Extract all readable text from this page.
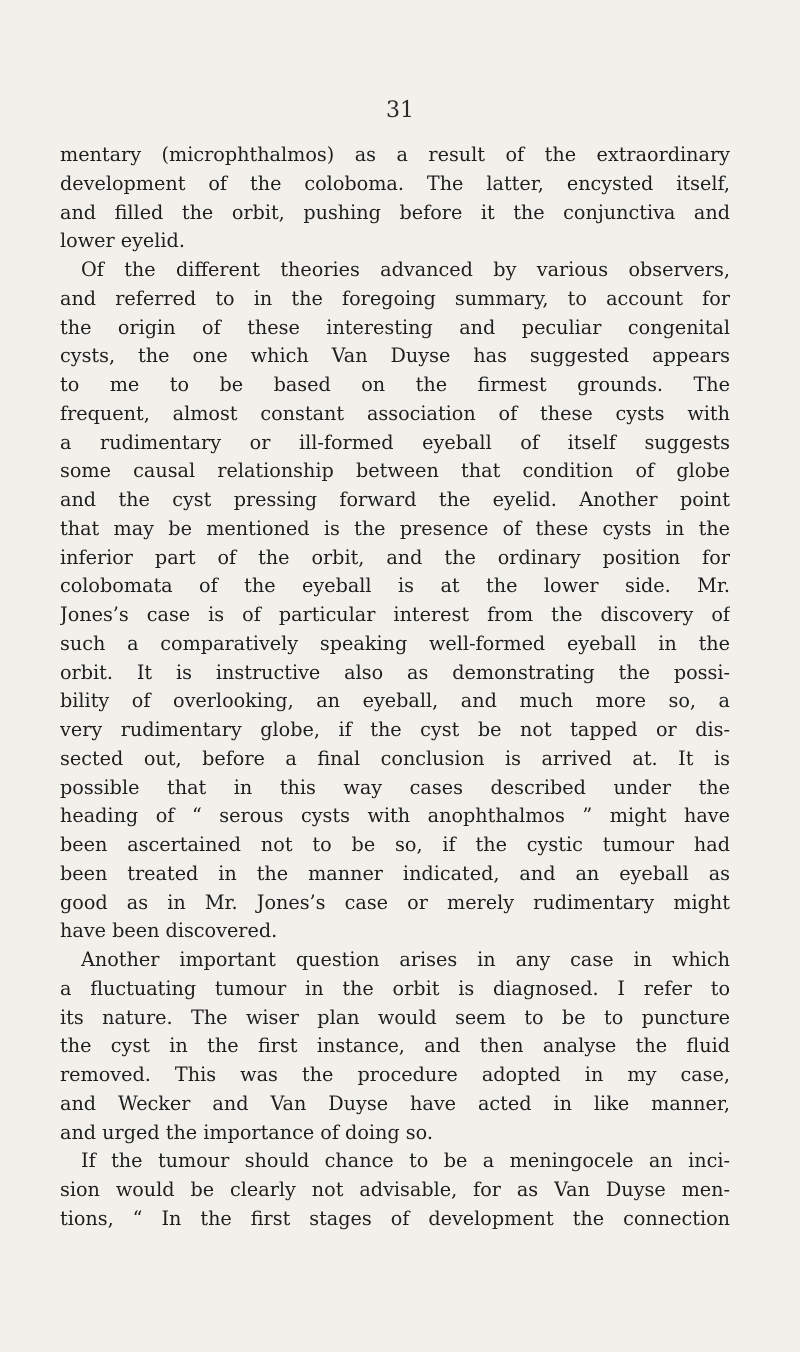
31
mentary (microphthalmos) as a result of the extraordinary
development of the coloboma. The latter, encysted itself,
and filled the orbit, pushing before it the conjunctiva and
lower eyelid.
Of the different theories advanced by various observers,
and referred to in the foregoing summary, to account for
the origin of these interesting and peculiar congenital
cysts, the one which Van Duyse has suggested appears
to me to be based on the firmest grounds. The
frequent, almost constant association of these cysts with
a rudimentary or ill-formed eyeball of itself suggests
some causal relationship between that condition of globe
and the cyst pressing forward the eyelid. Another point
that may be mentioned is the presence of these cysts in the
inferior part of the orbit, and the ordinary position for
colobomata of the eyeball is at the lower side. Mr.
Jones’s case is of particular interest from the discovery of
such a comparatively speaking well-formed eyeball in the
orbit. It is instructive also as demonstrating the possi-
bility of overlooking, an eyeball, and much more so, a
very rudimentary globe, if the cyst be not tapped or dis-
sected out, before a final conclusion is arrived at. It is
possible that in this way cases described under the
heading of “ serous cysts with anophthalmos ” might have
been ascertained not to be so, if the cystic tumour had
been treated in the manner indicated, and an eyeball as
good as in Mr. Jones’s case or merely rudimentary might
have been discovered.
Another important question arises in any case in which
a fluctuating tumour in the orbit is diagnosed. I refer to
its nature. The wiser plan would seem to be to puncture
the cyst in the first instance, and then analyse the fluid
removed. This was the procedure adopted in my case,
and Wecker and Van Duyse have acted in like manner,
and urged the importance of doing so.
If the tumour should chance to be a meningocele an inci-
sion would be clearly not advisable, for as Van Duyse men-
tions, “ In the first stages of development the connection
